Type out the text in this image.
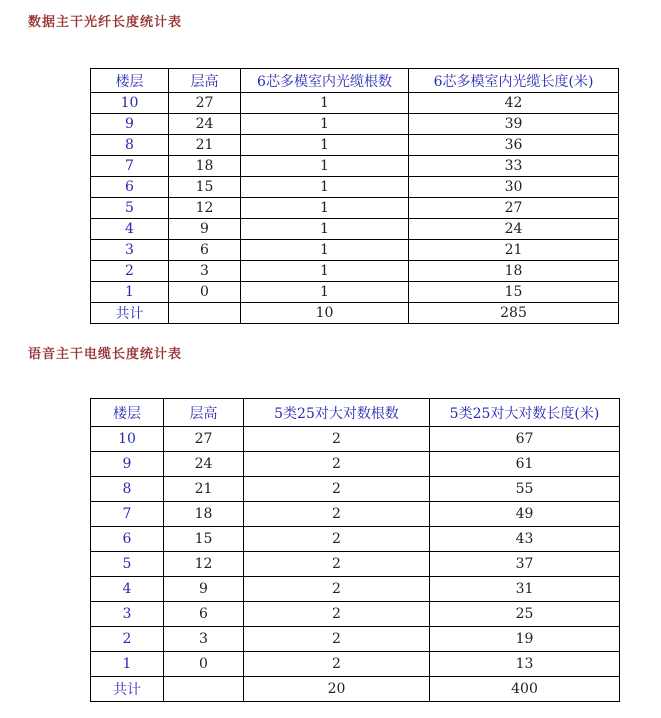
数据主干光纤长度统计表
楼层	层高	6芯多模室内光缆根数	6芯多模室内光缆长度(米)
10	27	1	42
9	24	1	39
8	21	1	36
7	18	1	33
6	15	1	30
5	12	1	27
4	9	1	24
3	6	1	21
2	3	1	18
1	0	1	15
共计		10	285
语音主干电缆长度统计表
楼层	层高	5类25对大对数根数	5类25对大对数长度(米)
10	27	2	67
9	24	2	61
8	21	2	55
7	18	2	49
6	15	2	43
5	12	2	37
4	9	2	31
3	6	2	25
2	3	2	19
1	0	2	13
共计		20	400
